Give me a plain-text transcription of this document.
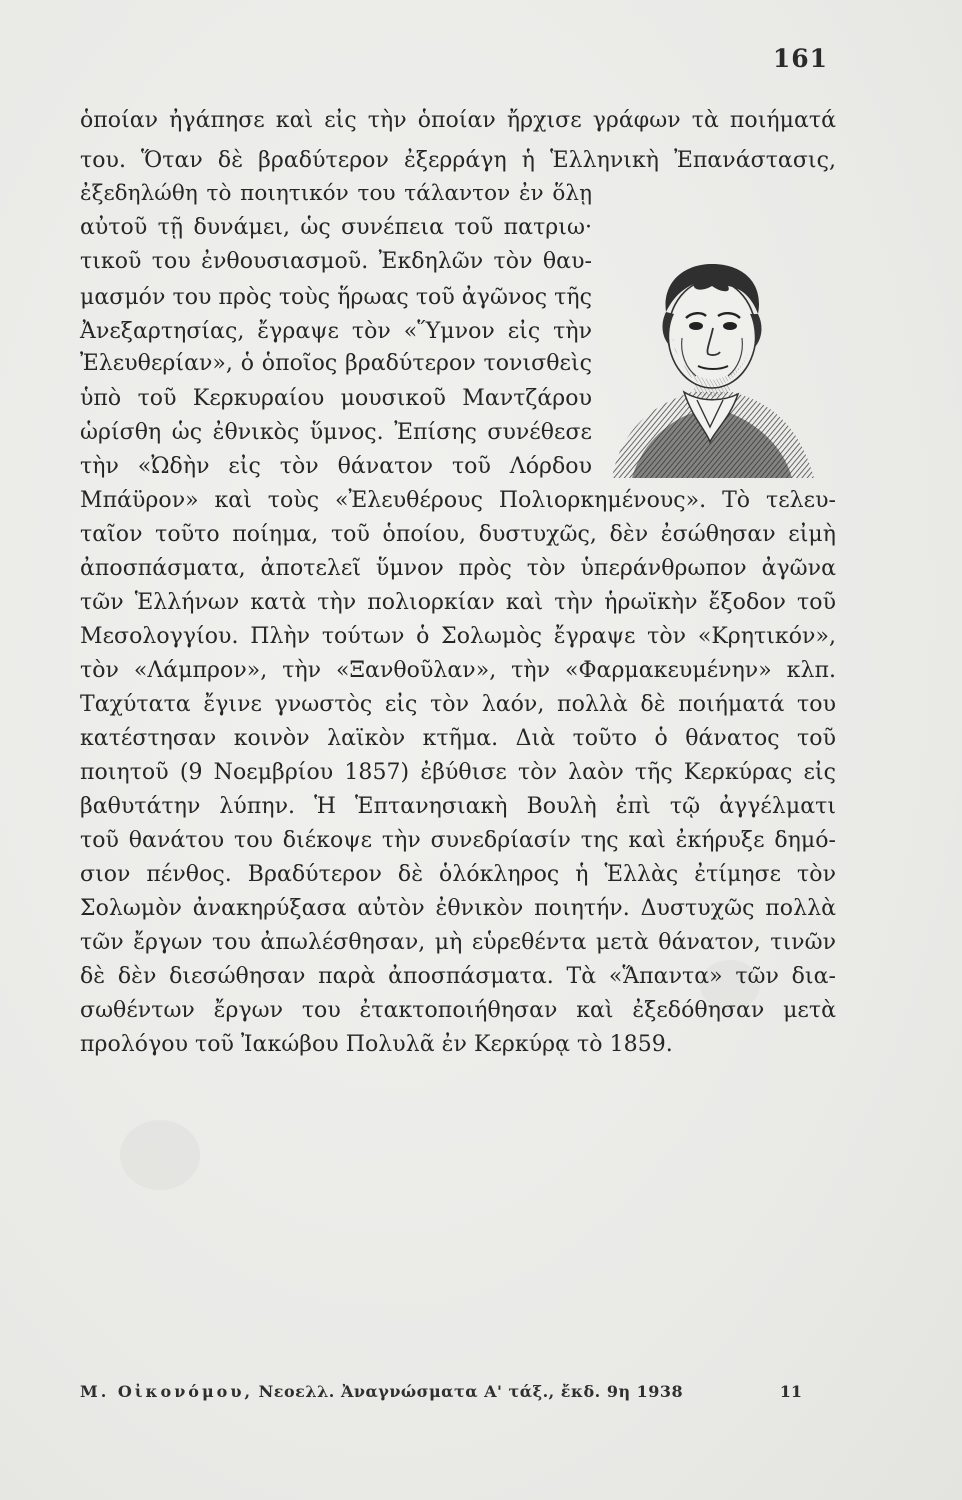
161
ὁποίαν ἠγάπησε καὶ εἰς τὴν ὁποίαν ἤρχισε γράφων τὰ ποιήματά
του. Ὅταν δὲ βραδύτερον ἐξερράγη ἡ Ἑλληνικὴ Ἐπανάστασις,
ἐξεδηλώθη τὸ ποιητικόν του τάλαντον ἐν ὅλῃ
αὐτοῦ τῇ δυνάμει, ὡς συνέπεια τοῦ πατριω·
τικοῦ του ἐνθουσιασμοῦ. Ἐκδηλῶν τὸν θαυ-
μασμόν του πρὸς τοὺς ἥρωας τοῦ ἀγῶνος τῆς
Ἀνεξαρτησίας, ἔγραψε τὸν «Ὕμνον εἰς τὴν
Ἐλευθερίαν», ὁ ὁποῖος βραδύτερον τονισθεὶς
ὑπὸ τοῦ Κερκυραίου μουσικοῦ Μαντζάρου
ὡρίσθη ὡς ἐθνικὸς ὕμνος. Ἐπίσης συνέθεσε
τὴν «Ὠδὴν εἰς τὸν θάνατον τοῦ Λόρδου
Μπάϋρον» καὶ τοὺς «Ἐλευθέρους Πολιορκημένους». Τὸ τελευ-
ταῖον τοῦτο ποίημα, τοῦ ὁποίου, δυστυχῶς, δὲν ἐσώθησαν εἰμὴ
ἀποσπάσματα, ἀποτελεῖ ὕμνον πρὸς τὸν ὑπεράνθρωπον ἀγῶνα
τῶν Ἑλλήνων κατὰ τὴν πολιορκίαν καὶ τὴν ἡρωϊκὴν ἔξοδον τοῦ
Μεσολογγίου. Πλὴν τούτων ὁ Σολωμὸς ἔγραψε τὸν «Κρητικόν»,
τὸν «Λάμπρον», τὴν «Ξανθοῦλαν», τὴν «Φαρμακευμένην» κλπ.
Ταχύτατα ἔγινε γνωστὸς εἰς τὸν λαόν, πολλὰ δὲ ποιήματά του
κατέστησαν κοινὸν λαϊκὸν κτῆμα. Διὰ τοῦτο ὁ θάνατος τοῦ
ποιητοῦ (9 Νοεμβρίου 1857) ἐβύθισε τὸν λαὸν τῆς Κερκύρας εἰς
βαθυτάτην λύπην. Ἡ Ἑπτανησιακὴ Βουλὴ ἐπὶ τῷ ἀγγέλματι
τοῦ θανάτου του διέκοψε τὴν συνεδρίασίν της καὶ ἐκήρυξε δημό-
σιον πένθος. Βραδύτερον δὲ ὁλόκληρος ἡ Ἑλλὰς ἐτίμησε τὸν
Σολωμὸν ἀνακηρύξασα αὐτὸν ἐθνικὸν ποιητήν. Δυστυχῶς πολλὰ
τῶν ἔργων του ἀπωλέσθησαν, μὴ εὑρεθέντα μετὰ θάνατον, τινῶν
δὲ δὲν διεσώθησαν παρὰ ἀποσπάσματα. Τὰ «Ἅπαντα» τῶν δια-
σωθέντων ἔργων του ἐτακτοποιήθησαν καὶ ἐξεδόθησαν μετὰ
προλόγου τοῦ Ἰακώβου Πολυλᾶ ἐν Κερκύρᾳ τὸ 1859.
Μ. Οἰκονόμου, Νεοελλ. Ἀναγνώσματα Α' τάξ., ἔκδ. 9η 1938	11
